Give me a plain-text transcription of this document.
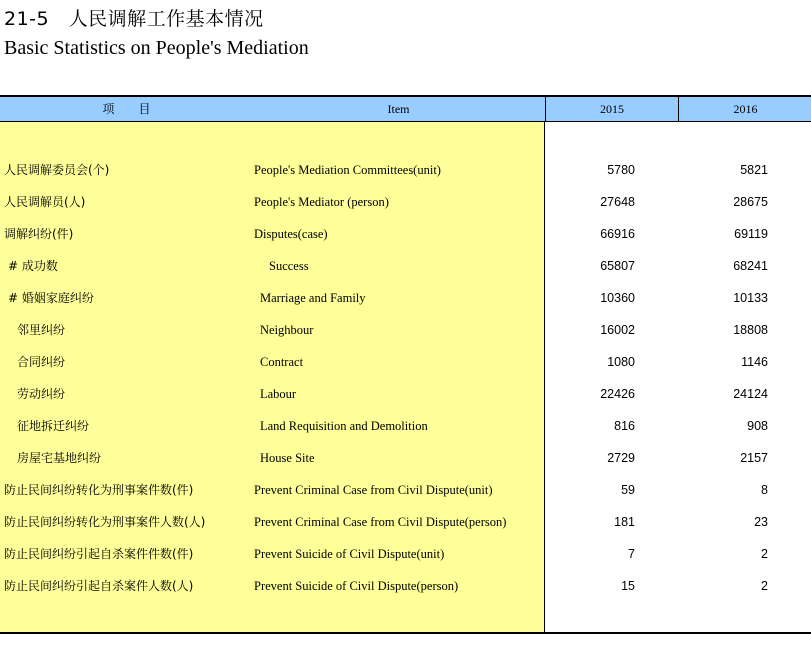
21-5　人民调解工作基本情况
Basic Statistics on People's Mediation
项　　目	Item	2015	2016
人民调解委员会(个)	People's Mediation Committees(unit)	5780	5821
人民调解员(人)	People's Mediator (person)	27648	28675
调解纠纷(件)	Disputes(case)	66916	69119
# 成功数	Success	65807	68241
# 婚姻家庭纠纷	Marriage and Family	10360	10133
邻里纠纷	Neighbour	16002	18808
合同纠纷	Contract	1080	1146
劳动纠纷	Labour	22426	24124
征地拆迁纠纷	Land Requisition and Demolition	816	908
房屋宅基地纠纷	House Site	2729	2157
防止民间纠纷转化为刑事案件数(件)	Prevent Criminal Case from Civil Dispute(unit)	59	8
防止民间纠纷转化为刑事案件人数(人)	Prevent Criminal Case from Civil Dispute(person)	181	23
防止民间纠纷引起自杀案件件数(件)	Prevent Suicide of Civil Dispute(unit)	7	2
防止民间纠纷引起自杀案件人数(人)	Prevent Suicide of Civil Dispute(person)	15	2
